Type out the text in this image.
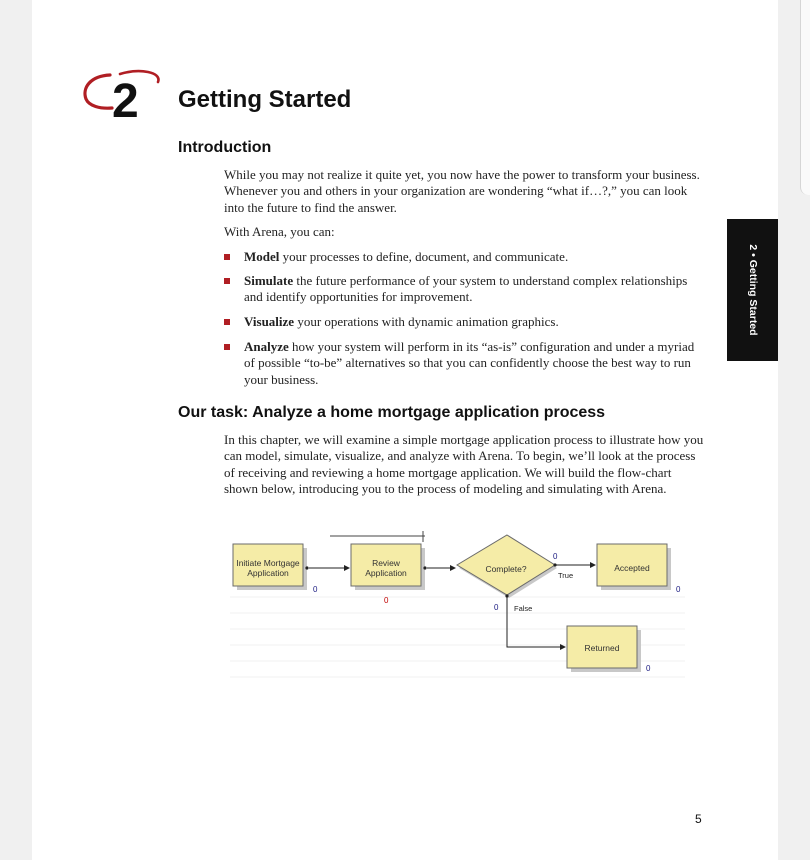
2 Getting Started
Introduction
While you may not realize it quite yet, you now have the power to transform your business. Whenever you and others in your organization are wondering “what if…?,” you can look into the future to find the answer.
With Arena, you can:
Model your processes to define, document, and communicate.
Simulate the future performance of your system to understand complex relationships and identify opportunities for improvement.
Visualize your operations with dynamic animation graphics.
Analyze how your system will perform in its “as-is” configuration and under a myriad of possible “to-be” alternatives so that you can confidently choose the best way to run your business.
Our task: Analyze a home mortgage application process
In this chapter, we will examine a simple mortgage application process to illustrate how you can model, simulate, visualize, and analyze with Arena. To begin, we’ll look at the process of receiving and reviewing a home mortgage application. We will build the flow-chart shown below, introducing you to the process of modeling and simulating with Arena.
Initiate Mortgage
Application
0
Review
Application
0
Complete?
0
True
0 False
Accepted
0
Returned
0
2 • Getting Started
5
